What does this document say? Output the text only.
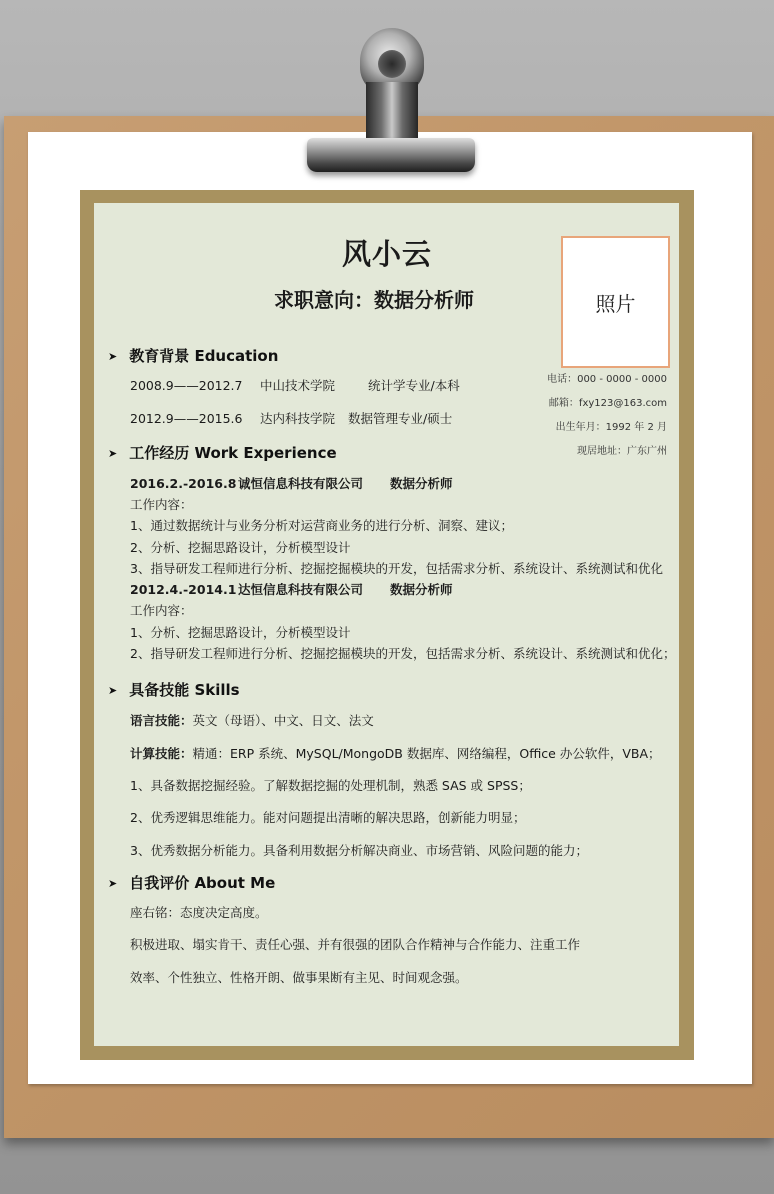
风小云
求职意向：数据分析师	照片
电话：000 - 0000 - 0000
邮箱：fxy123@163.com
出生年月：1992 年 2 月
现居地址：广东广州
➤ 教育背景 Education
2008.9——2012.7 中山技术学院	统计学专业/本科
2012.9——2015.6 达内科技学院 数据管理专业/硕士
➤ 工作经历 Work Experience
2016.2.-2016.8 诚恒信息科技有限公司 数据分析师
工作内容：
1、通过数据统计与业务分析对运营商业务的进行分析、洞察、建议；
2、分析、挖掘思路设计，分析模型设计
3、指导研发工程师进行分析、挖掘挖掘模块的开发，包括需求分析、系统设计、系统测试和优化
2012.4.-2014.1 达恒信息科技有限公司 数据分析师
工作内容：
1、分析、挖掘思路设计，分析模型设计
2、指导研发工程师进行分析、挖掘挖掘模块的开发，包括需求分析、系统设计、系统测试和优化；
➤ 具备技能 Skills
语言技能：英文（母语）、中文、日文、法文
计算技能：精通：ERP 系统、MySQL/MongoDB 数据库、网络编程，Office 办公软件，VBA；
1、具备数据挖掘经验。了解数据挖掘的处理机制，熟悉 SAS 或 SPSS；
2、优秀逻辑思维能力。能对问题提出清晰的解决思路，创新能力明显；
3、优秀数据分析能力。具备利用数据分析解决商业、市场营销、风险问题的能力；
➤ 自我评价 About Me
座右铭：态度决定高度。
积极进取、塌实肯干、责任心强、并有很强的团队合作精神与合作能力、注重工作
效率、个性独立、性格开朗、做事果断有主见、时间观念强。
